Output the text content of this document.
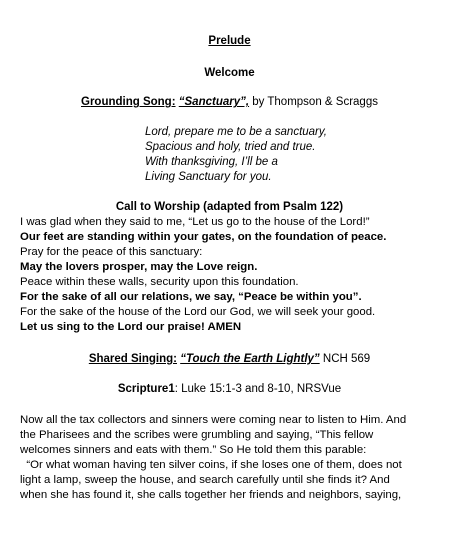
Prelude
Welcome
Grounding Song: “Sanctuary”, by Thompson & Scraggs
Lord, prepare me to be a sanctuary,
Spacious and holy, tried and true.
With thanksgiving, I’ll be a
Living Sanctuary for you.
Call to Worship (adapted from Psalm 122)
I was glad when they said to me, “Let us go to the house of the Lord!”
Our feet are standing within your gates, on the foundation of peace.
Pray for the peace of this sanctuary:
May the lovers prosper, may the Love reign.
Peace within these walls, security upon this foundation.
For the sake of all our relations, we say, “Peace be within you”.
For the sake of the house of the Lord our God, we will seek your good.
Let us sing to the Lord our praise! AMEN
Shared Singing: “Touch the Earth Lightly” NCH 569
Scripture1: Luke 15:1-3 and 8-10, NRSVue
Now all the tax collectors and sinners were coming near to listen to Him. And
the Pharisees and the scribes were grumbling and saying, “This fellow
welcomes sinners and eats with them.” So He told them this parable:
“Or what woman having ten silver coins, if she loses one of them, does not
light a lamp, sweep the house, and search carefully until she finds it? And
when she has found it, she calls together her friends and neighbors, saying,
